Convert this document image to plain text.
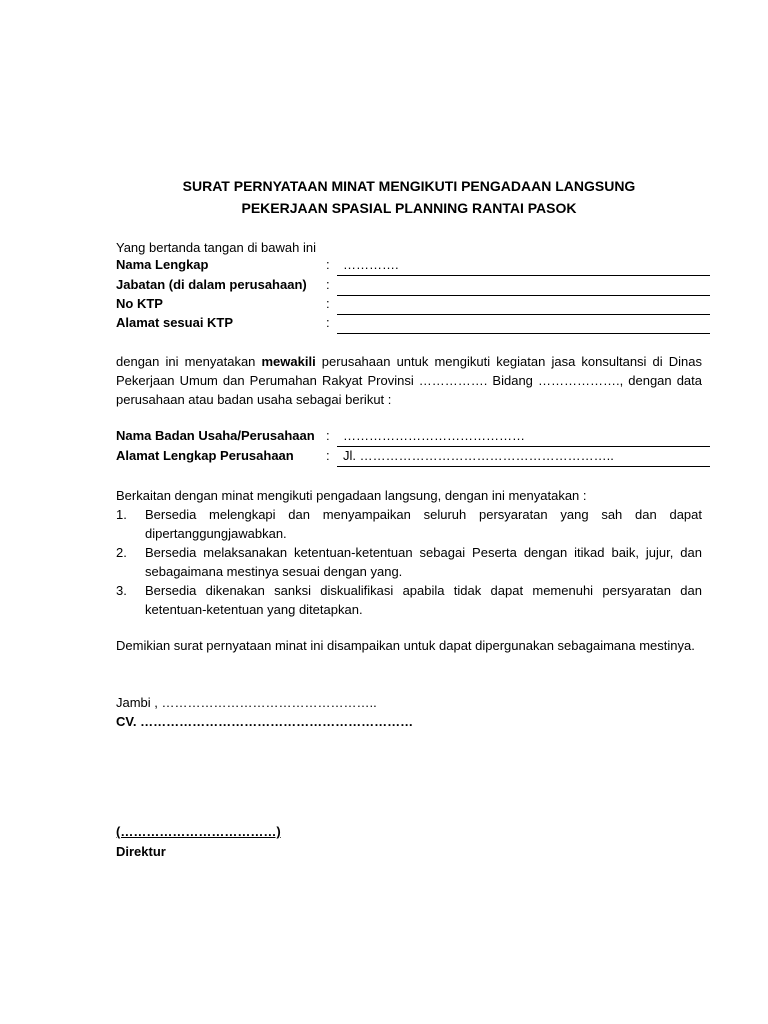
SURAT PERNYATAAN MINAT MENGIKUTI PENGADAAN LANGSUNG
PEKERJAAN SPASIAL PLANNING RANTAI PASOK
Yang bertanda tangan di bawah ini
Nama Lengkap	:	………….
Jabatan (di dalam perusahaan) :
No KTP	:
Alamat sesuai KTP	:
dengan ini menyatakan mewakili perusahaan untuk mengikuti kegiatan jasa konsultansi di Dinas Pekerjaan Umum dan Perumahan Rakyat Provinsi ……………. Bidang ………………., dengan data perusahaan atau badan usaha sebagai berikut :
Nama Badan Usaha/Perusahaan :	……………………………………
Alamat Lengkap Perusahaan :	Jl. …………………………………………………..
Berkaitan dengan minat mengikuti pengadaan langsung, dengan ini menyatakan :
1. Bersedia melengkapi dan menyampaikan seluruh persyaratan yang sah dan dapat dipertanggungjawabkan.
2. Bersedia melaksanakan ketentuan-ketentuan sebagai Peserta dengan itikad baik, jujur, dan sebagaimana mestinya sesuai dengan yang.
3. Bersedia dikenakan sanksi diskualifikasi apabila tidak dapat memenuhi persyaratan dan ketentuan-ketentuan yang ditetapkan.
Demikian surat pernyataan minat ini disampaikan untuk dapat dipergunakan sebagaimana mestinya.
Jambi , …………………………………………..
CV. ………………………………………………………
(………………………………)
Direktur
